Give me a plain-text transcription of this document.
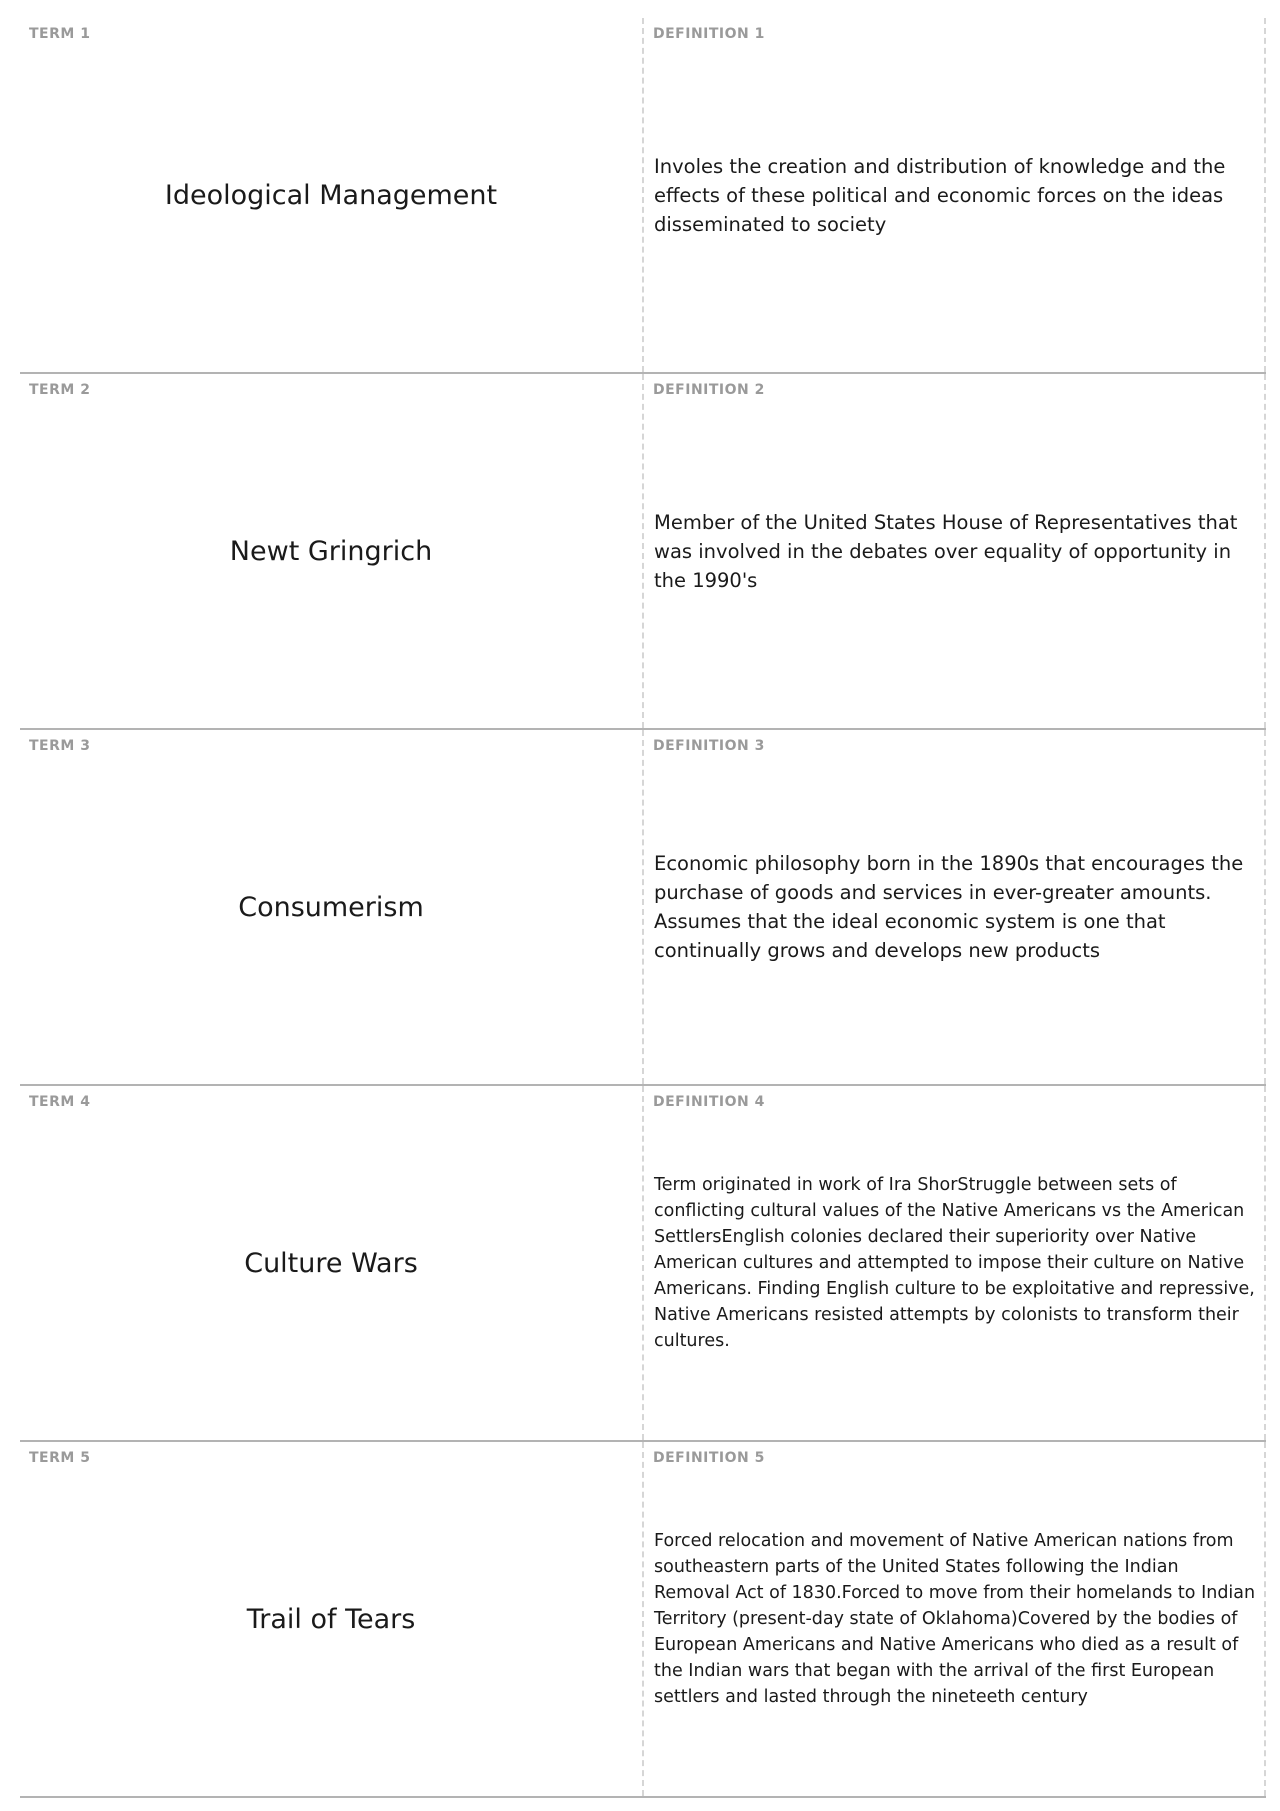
TERM 1
Ideological Management
DEFINITION 1
Involes the creation and distribution of knowledge and the effects of these political and economic forces on the ideas disseminated to society
TERM 2
Newt Gringrich
DEFINITION 2
Member of the United States House of Representatives that was involved in the debates over equality of opportunity in the 1990's
TERM 3
Consumerism
DEFINITION 3
Economic philosophy born in the 1890s that encourages the purchase of goods and services in ever-greater amounts. Assumes that the ideal economic system is one that continually grows and develops new products
TERM 4
Culture Wars
DEFINITION 4
Term originated in work of Ira ShorStruggle between sets of conflicting cultural values of the Native Americans vs the American SettlersEnglish colonies declared their superiority over Native American cultures and attempted to impose their culture on Native Americans. Finding English culture to be exploitative and repressive, Native Americans resisted attempts by colonists to transform their cultures.
TERM 5
Trail of Tears
DEFINITION 5
Forced relocation and movement of Native American nations from southeastern parts of the United States following the Indian Removal Act of 1830.Forced to move from their homelands to Indian Territory (present-day state of Oklahoma)Covered by the bodies of European Americans and Native Americans who died as a result of the Indian wars that began with the arrival of the first European settlers and lasted through the nineteeth century
